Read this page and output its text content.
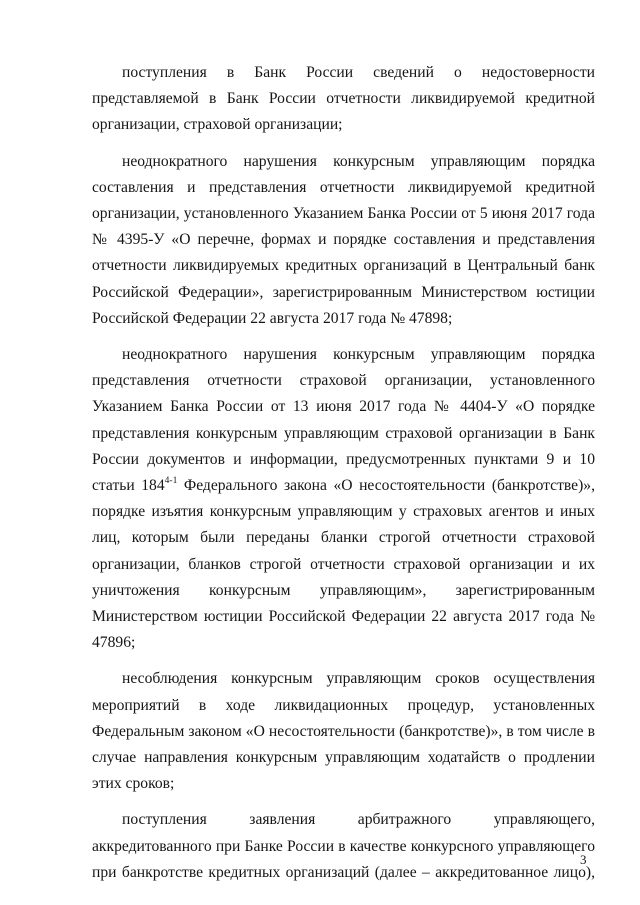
поступления в Банк России сведений о недостоверности представляемой в Банк России отчетности ликвидируемой кредитной организации, страховой организации;

неоднократного нарушения конкурсным управляющим порядка составления и представления отчетности ликвидируемой кредитной организации, установленного Указанием Банка России от 5 июня 2017 года № 4395-У «О перечне, формах и порядке составления и представления отчетности ликвидируемых кредитных организаций в Центральный банк Российской Федерации», зарегистрированным Министерством юстиции Российской Федерации 22 августа 2017 года № 47898;

неоднократного нарушения конкурсным управляющим порядка представления отчетности страховой организации, установленного Указанием Банка России от 13 июня 2017 года № 4404-У «О порядке представления конкурсным управляющим страховой организации в Банк России документов и информации, предусмотренных пунктами 9 и 10 статьи 184$^{4-1}$ Федерального закона «О несостоятельности (банкротстве)», порядке изъятия конкурсным управляющим у страховых агентов и иных лиц, которым были переданы бланки строгой отчетности страховой организации, бланков строгой отчетности страховой организации и их уничтожения конкурсным управляющим», зарегистрированным Министерством юстиции Российской Федерации 22 августа 2017 года № 47896;

несоблюдения конкурсным управляющим сроков осуществления мероприятий в ходе ликвидационных процедур, установленных Федеральным законом «О несостоятельности (банкротстве)», в том числе в случае направления конкурсным управляющим ходатайств о продлении этих сроков;

поступления заявления арбитражного управляющего, аккредитованного при Банке России в качестве конкурсного управляющего при банкротстве кредитных организаций (далее – аккредитованное лицо),

3
